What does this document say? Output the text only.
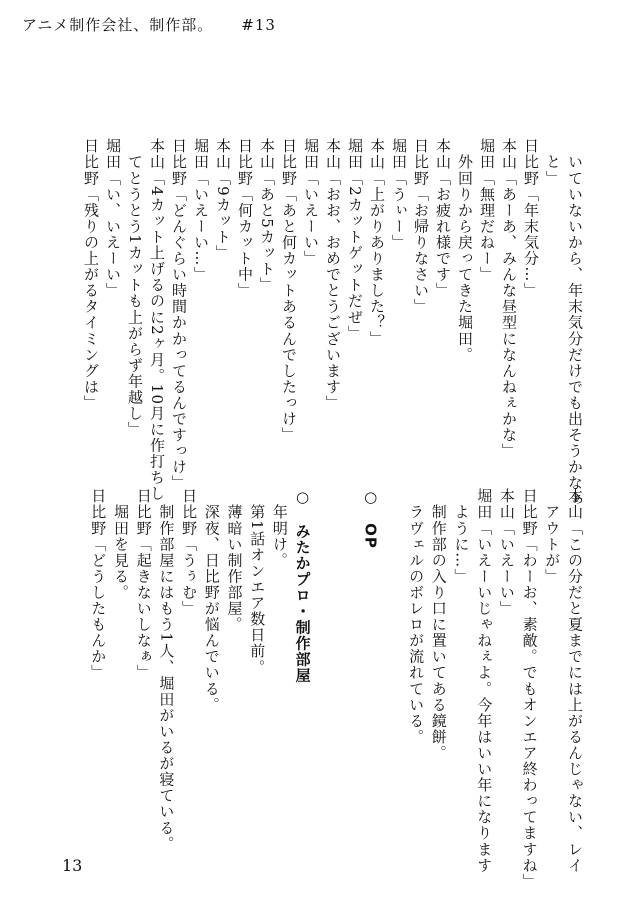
アニメ制作会社、制作部。 #13
　いていないから、年末気分だけでも出そうかなぁ
　と」
日比野「年末気分…」
本山「あーあ、みんな昼型になんねぇかな」
堀田「無理だねー」
　外回りから戻ってきた堀田。
本山「お疲れ様です」
日比野「お帰りなさい」
堀田「うぃー」
本山「上がりありました？」
堀田「2カットゲットだぜ」
本山「おお、おめでとうございます」
堀田「いえーい」
日比野「あと何カットあるんでしたっけ」
本山「あと5カット」
日比野「何カット中」
本山「9カット」
堀田「いえーい…」
日比野「どんぐらい時間かかってるんですっけ」
本山「4カット上げるのに2ヶ月。10月に作打ちし
　てとうとう1カットも上がらず年越し」
堀田「い、いえーい」
日比野「残りの上がるタイミングは」
本山「この分だと夏までには上がるんじゃない、レイ
　アウトが」
日比野「わーお、素敵。でもオンエア終わってますね」
本山「いえーい」
堀田「いえーいじゃねぇよ。今年はいい年になります
　ように…」
　制作部の入り口に置いてある鏡餅。
　ラヴェルのボレロが流れている。
○　OP
○　みたかプロ・制作部屋
　年明け。
　第1話オンエア数日前。
　薄暗い制作部屋。
　深夜、日比野が悩んでいる。
日比野「うぅむ」
　制作部屋にはもう1人、堀田がいるが寝ている。
日比野「起きないしなぁ」
　堀田を見る。
日比野「どうしたもんか」
13
